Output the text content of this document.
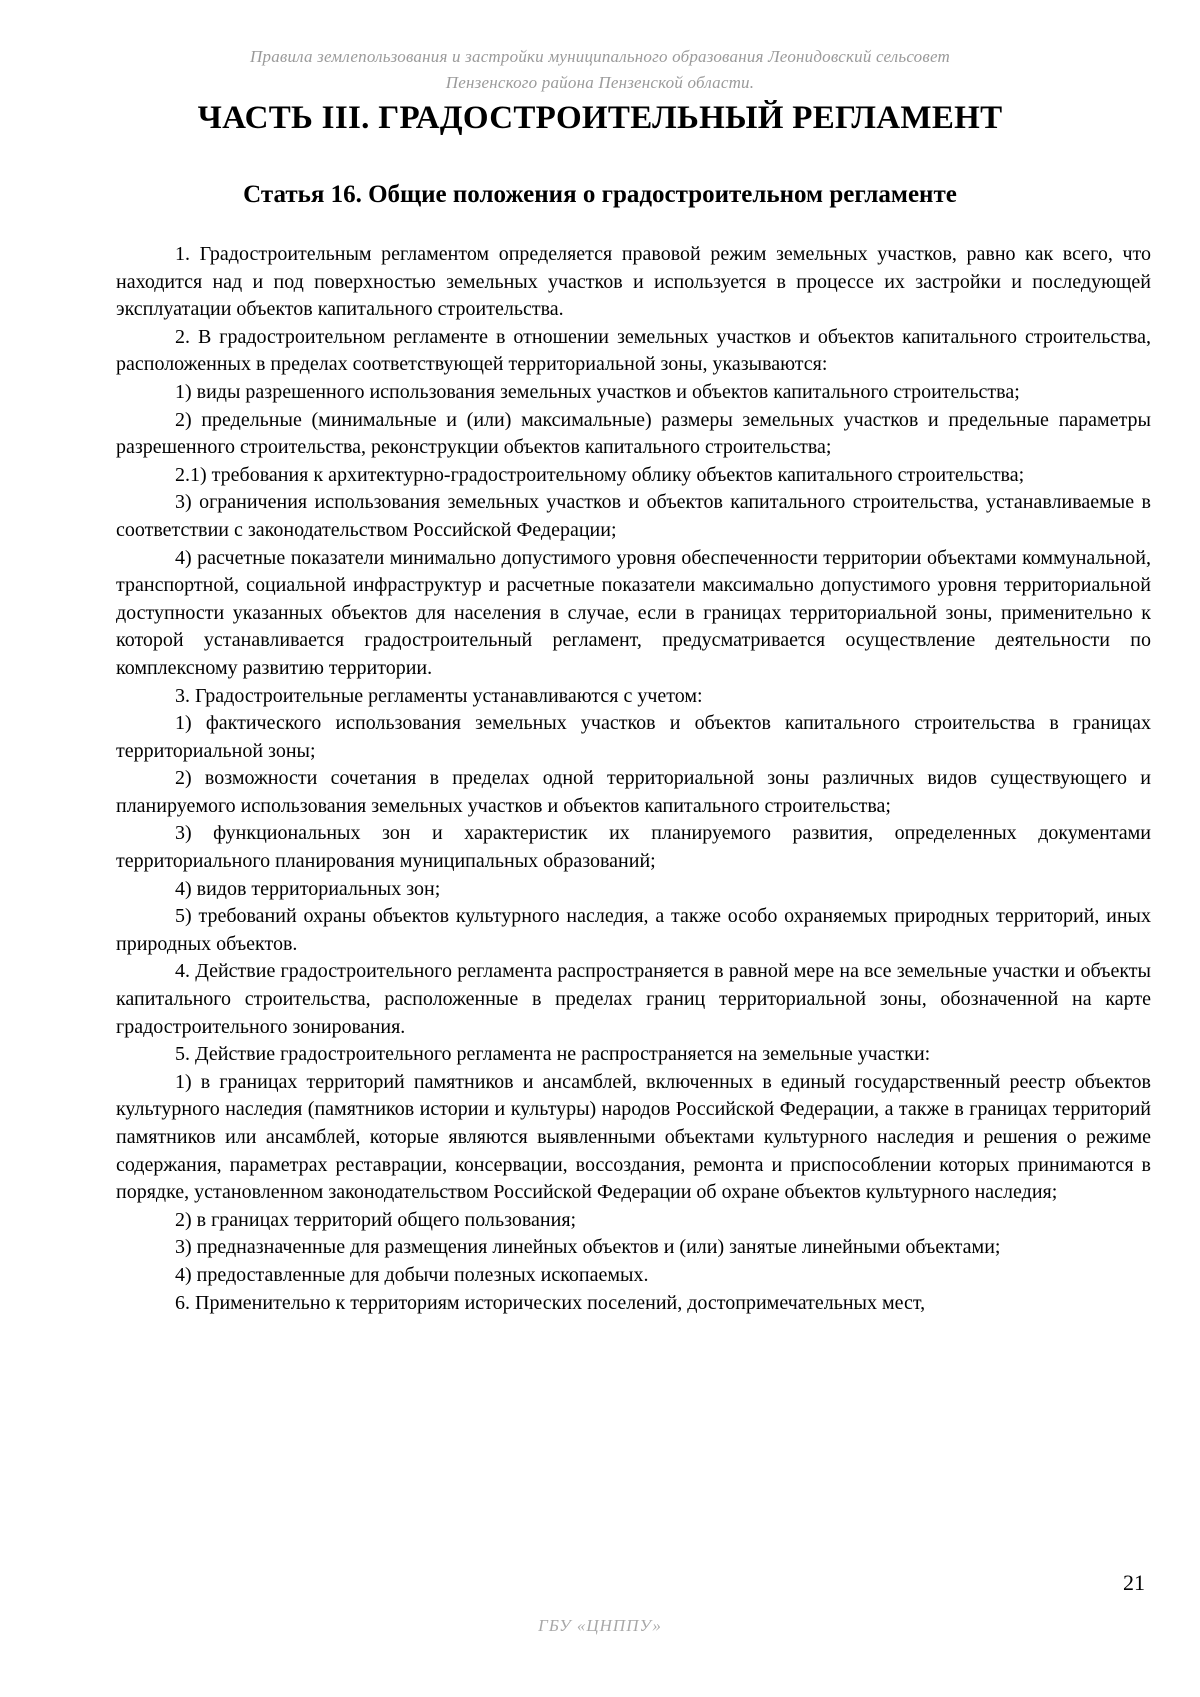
Правила землепользования и застройки муниципального образования Леонидовский сельсовет
Пензенского района Пензенской области.
ЧАСТЬ III. ГРАДОСТРОИТЕЛЬНЫЙ РЕГЛАМЕНТ
Статья 16. Общие положения о градостроительном регламенте

1. Градостроительным регламентом определяется правовой режим земельных участков, равно как всего, что находится над и под поверхностью земельных участков и используется в процессе их застройки и последующей эксплуатации объектов капитального строительства.

2. В градостроительном регламенте в отношении земельных участков и объектов капитального строительства, расположенных в пределах соответствующей территориальной зоны, указываются:

1) виды разрешенного использования земельных участков и объектов капитального строительства;

2) предельные (минимальные и (или) максимальные) размеры земельных участков и предельные параметры разрешенного строительства, реконструкции объектов капитального строительства;

2.1) требования к архитектурно-градостроительному облику объектов капитального строительства;

3) ограничения использования земельных участков и объектов капитального строительства, устанавливаемые в соответствии с законодательством Российской Федерации;

4) расчетные показатели минимально допустимого уровня обеспеченности территории объектами коммунальной, транспортной, социальной инфраструктур и расчетные показатели максимально допустимого уровня территориальной доступности указанных объектов для населения в случае, если в границах территориальной зоны, применительно к которой устанавливается градостроительный регламент, предусматривается осуществление деятельности по комплексному развитию территории.

3. Градостроительные регламенты устанавливаются с учетом:

1) фактического использования земельных участков и объектов капитального строительства в границах территориальной зоны;

2) возможности сочетания в пределах одной территориальной зоны различных видов существующего и планируемого использования земельных участков и объектов капитального строительства;

3) функциональных зон и характеристик их планируемого развития, определенных документами территориального планирования муниципальных образований;

4) видов территориальных зон;

5) требований охраны объектов культурного наследия, а также особо охраняемых природных территорий, иных природных объектов.

4. Действие градостроительного регламента распространяется в равной мере на все земельные участки и объекты капитального строительства, расположенные в пределах границ территориальной зоны, обозначенной на карте градостроительного зонирования.

5. Действие градостроительного регламента не распространяется на земельные участки:

1) в границах территорий памятников и ансамблей, включенных в единый государственный реестр объектов культурного наследия (памятников истории и культуры) народов Российской Федерации, а также в границах территорий памятников или ансамблей, которые являются выявленными объектами культурного наследия и решения о режиме содержания, параметрах реставрации, консервации, воссоздания, ремонта и приспособлении которых принимаются в порядке, установленном законодательством Российской Федерации об охране объектов культурного наследия;

2) в границах территорий общего пользования;

3) предназначенные для размещения линейных объектов и (или) занятые линейными объектами;

4) предоставленные для добычи полезных ископаемых.

6. Применительно к территориям исторических поселений, достопримечательных мест,

21
ГБУ «ЦНППУ»
